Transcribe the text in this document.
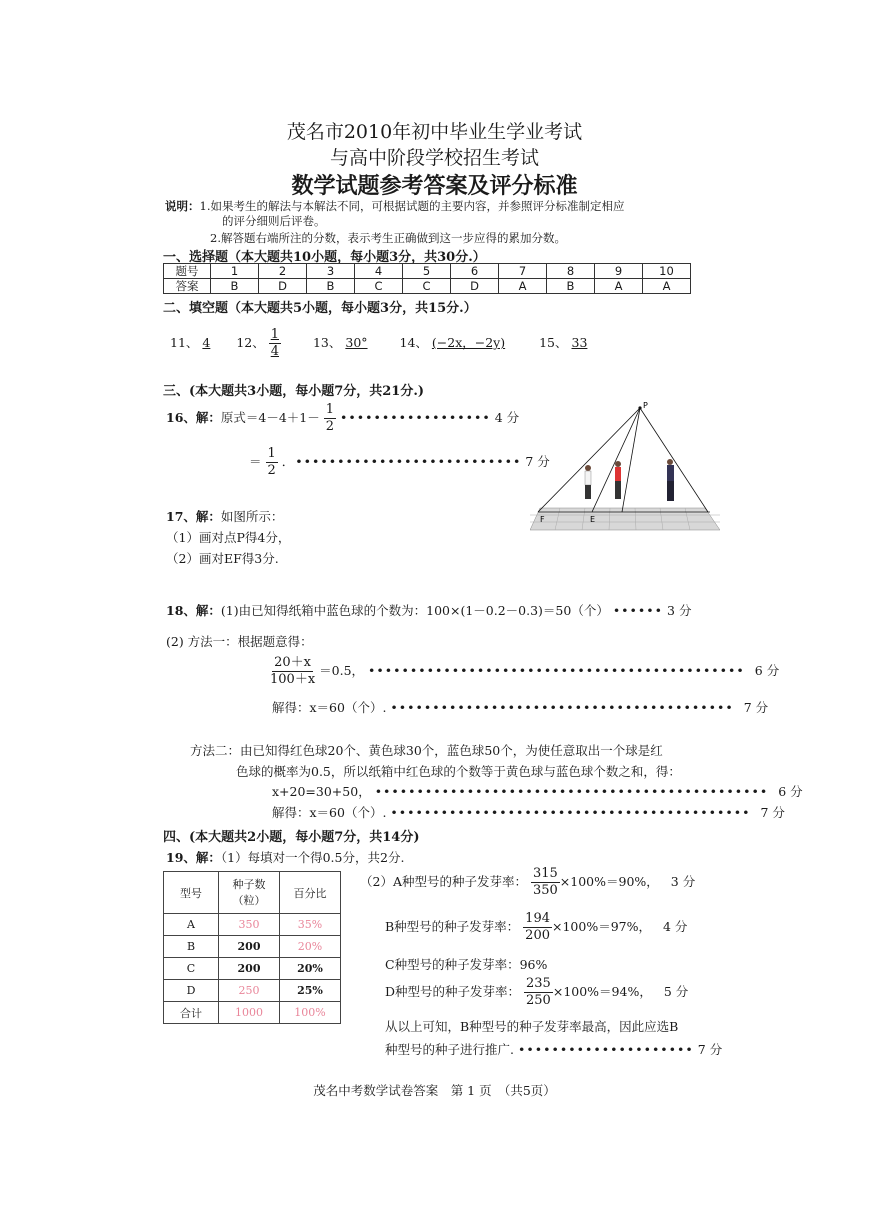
茂名市2010年初中毕业生学业考试
与高中阶段学校招生考试
数学试题参考答案及评分标准
说明：1.如果考生的解法与本解法不同，可根据试题的主要内容，并参照评分标准制定相应
的评分细则后评卷。
2.解答题右端所注的分数，表示考生正确做到这一步应得的累加分数。
一、选择题（本大题共10小题，每小题3分，共30分.）
题号	1	2	3	4	5	6	7	8	9	10
答案	B	D	B	C	C	D	A	B	A	A
二、填空题（本大题共5小题，每小题3分，共15分.）
11、 4 12、 $\frac{1}{4}$	13、 30°	14、 (−2x，−2y)	15、 33
三、(本大题共3小题，每小题7分，共21分.)
16、解：原式$=4-4+1- \frac{1}{2}$ •••••••••••••••••• 4 分
＝ $\frac{1}{2}$ ．••••••••••••••••••••••••••• 7 分
17、解：如图所示：
（1）画对点P得4分，
（2）画对EF得3分.
P
F	E
18、解：(1)由已知得纸箱中蓝色球的个数为：100×(1－0.2－0.3)＝50（个） •••••• 3 分
(2) 方法一：根据题意得：
$\frac{20+x}{100+x} =0.5$， ••••••••••••••••••••••••••••••••••••••••••••• 6 分
解得：x＝60（个）. ••••••••••••••••••••••••••••••••••••••••• 7 分
方法二：由已知得红色球20个、黄色球30个，蓝色球50个，为使任意取出一个球是红
色球的概率为0.5，所以纸箱中红色球的个数等于黄色球与蓝色球个数之和，得：
x+20=30+50， ••••••••••••••••••••••••••••••••••••••••••••••• 6 分
解得：x＝60（个）. ••••••••••••••••••••••••••••••••••••••••••• 7 分
四、(本大题共2小题，每小题7分，共14分)
19、解：（1）每填对一个得0.5分，共2分.
型号	种子数（粒）	百分比
A	350	35%
B	200	20%
C	200	20%
D	250	25%
合计	1000	100%
（2）A种型号的种子发芽率： $\frac{315}{350} \times 100\%=90\%$， 3 分
B种型号的种子发芽率： $\frac{194}{200} \times 100\%=97\%$， 4 分
C种型号的种子发芽率：96%
D种型号的种子发芽率： $\frac{235}{250} \times 100\%=94\%$， 5 分
从以上可知，B种型号的种子发芽率最高，因此应选B
种型号的种子进行推广. ••••••••••••••••••••• 7 分
茂名中考数学试卷答案　第 1 页　（共5页）
